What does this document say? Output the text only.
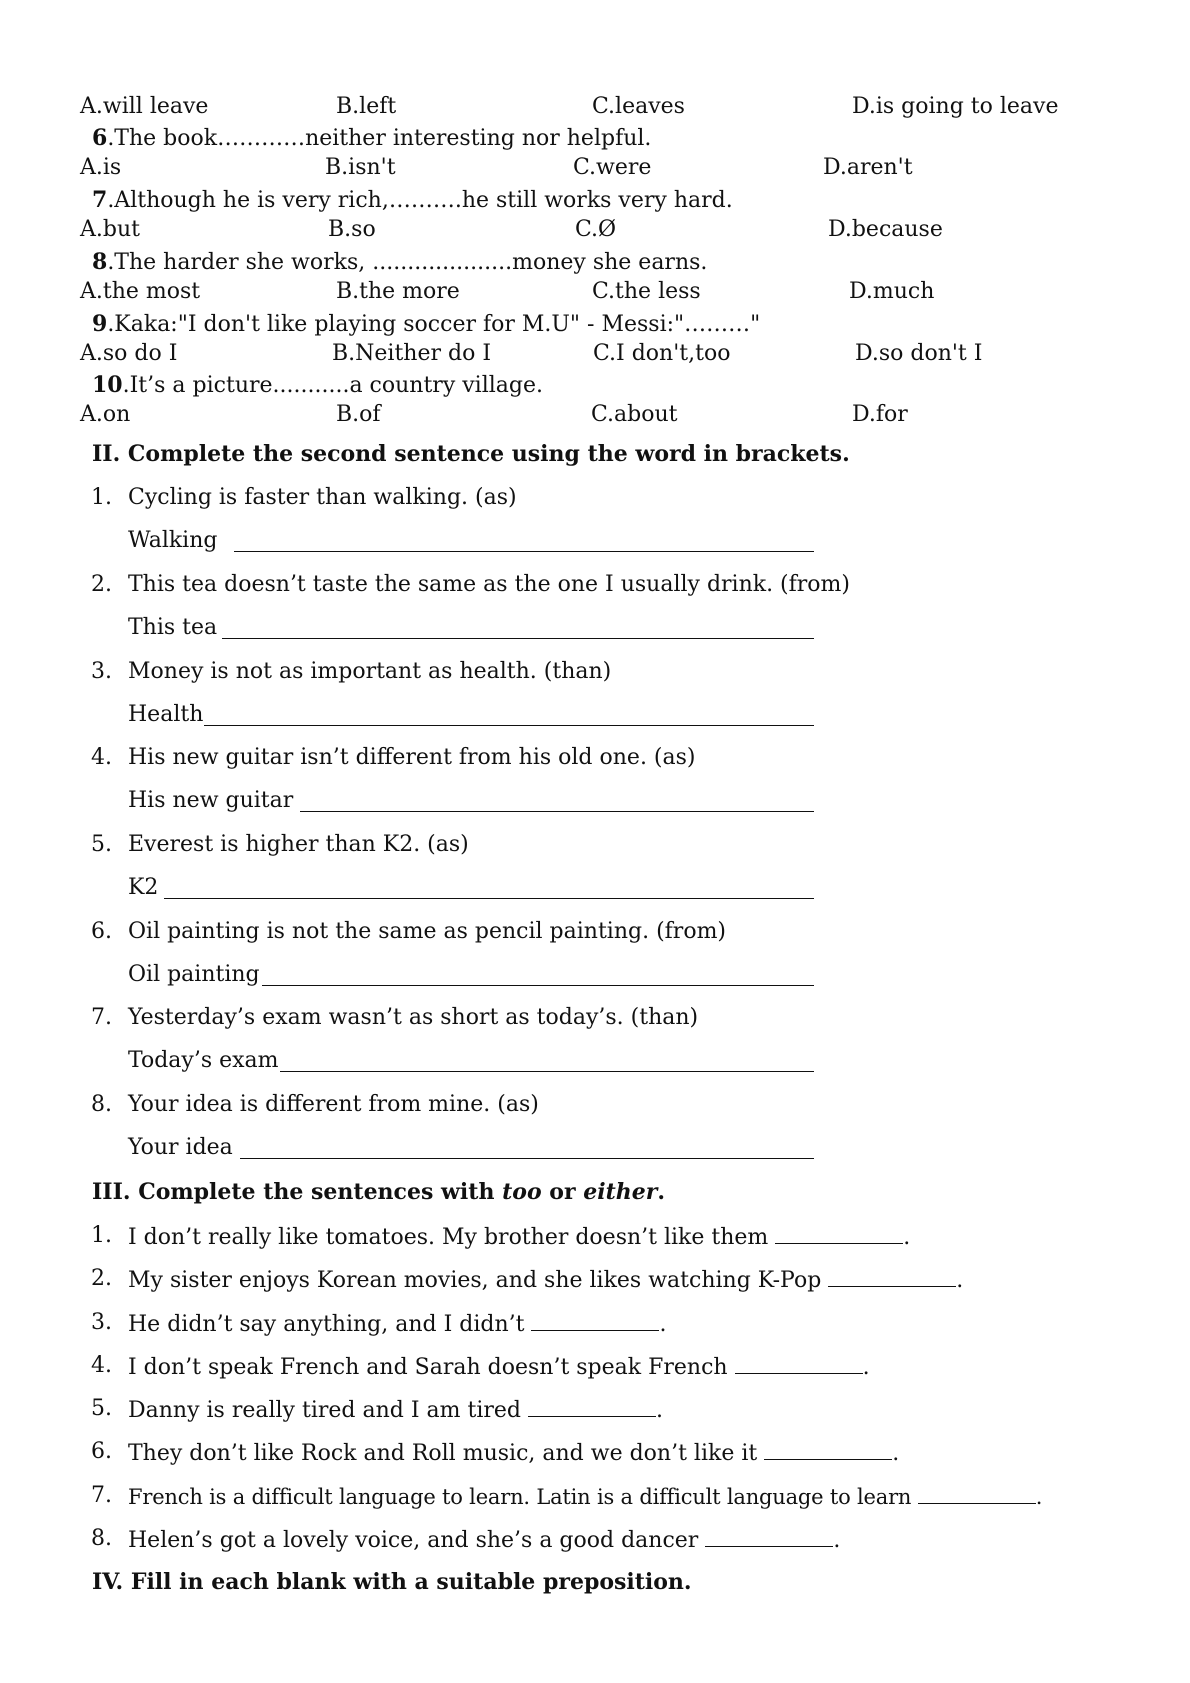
A.will leave	B.left	C.leaves	D.is going to leave
6.The book…………neither interesting nor helpful.
A.is	B.isn't	C.were	D.aren't
7.Although he is very rich,……….he still works very hard.
A.but	B.so	C.Ø	D.because
8.The harder she works, ....................money she earns.
A.the most	B.the more	C.the less	D.much
9.Kaka:"I don't like playing soccer for M.U" - Messi:"………"
A.so do I	B.Neither do I	C.I don't,too	D.so don't I
10.It’s a picture...........a country village.
A.on	B.of	C.about	D.for
II. Complete the second sentence using the word in brackets.
1. Cycling is faster than walking. (as)
Walking
2. This tea doesn’t taste the same as the one I usually drink. (from)
This tea
3. Money is not as important as health. (than)
Health
4. His new guitar isn’t different from his old one. (as)
His new guitar
5. Everest is higher than K2. (as)
K2
6. Oil painting is not the same as pencil painting. (from)
Oil painting
7. Yesterday’s exam wasn’t as short as today’s. (than)
Today’s exam
8. Your idea is different from mine. (as)
Your idea
III. Complete the sentences with too or either.
1. I don’t really like tomatoes. My brother doesn’t like them	.
2. My sister enjoys Korean movies, and she likes watching K-Pop	.
3. He didn’t say anything, and I didn’t	.
4. I don’t speak French and Sarah doesn’t speak French	.
5. Danny is really tired and I am tired	.
6. They don’t like Rock and Roll music, and we don’t like it	.
7. French is a difficult language to learn. Latin is a difficult language to learn	.
8. Helen’s got a lovely voice, and she’s a good dancer	.
IV. Fill in each blank with a suitable preposition.
